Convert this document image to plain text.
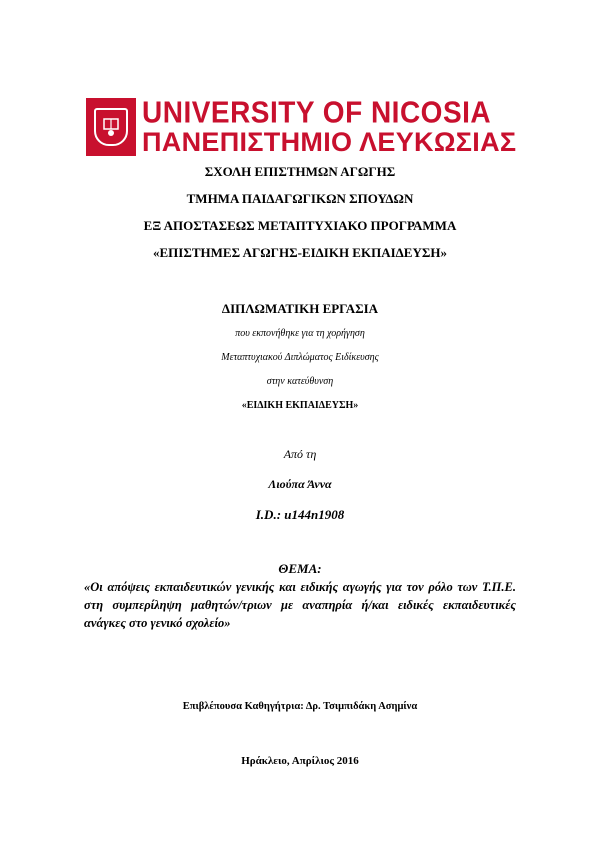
UNIVERSITY OF NICOSIA
ΠΑΝΕΠΙΣΤΗΜΙΟ ΛΕΥΚΩΣΙΑΣ
ΣΧΟΛΗ ΕΠΙΣΤΗΜΩΝ ΑΓΩΓΗΣ
ΤΜΗΜΑ ΠΑΙΔΑΓΩΓΙΚΩΝ ΣΠΟΥΔΩΝ
ΕΞ ΑΠΟΣΤΑΣΕΩΣ ΜΕΤΑΠΤΥΧΙΑΚΟ ΠΡΟΓΡΑΜΜΑ
«ΕΠΙΣΤΗΜΕΣ ΑΓΩΓΗΣ-ΕΙΔΙΚΗ ΕΚΠΑΙΔΕΥΣΗ»
ΔΙΠΛΩΜΑΤΙΚΗ ΕΡΓΑΣΙΑ
που εκπονήθηκε για τη χορήγηση
Μεταπτυχιακού Διπλώματος Ειδίκευσης
στην κατεύθυνση
«ΕΙΔΙΚΗ ΕΚΠΑΙΔΕΥΣΗ»
Από τη
Λιούπα Άννα
I.D.: u144n1908
ΘΕΜΑ:
«Οι απόψεις εκπαιδευτικών γενικής και ειδικής αγωγής για τον ρόλο των Τ.Π.Ε. στη συμπερίληψη μαθητών/τριων με αναπηρία ή/και ειδικές εκπαιδευτικές ανάγκες στο γενικό σχολείο»
Επιβλέπουσα Καθηγήτρια: Δρ. Τσιμπιδάκη Ασημίνα
Ηράκλειο, Απρίλιος 2016
